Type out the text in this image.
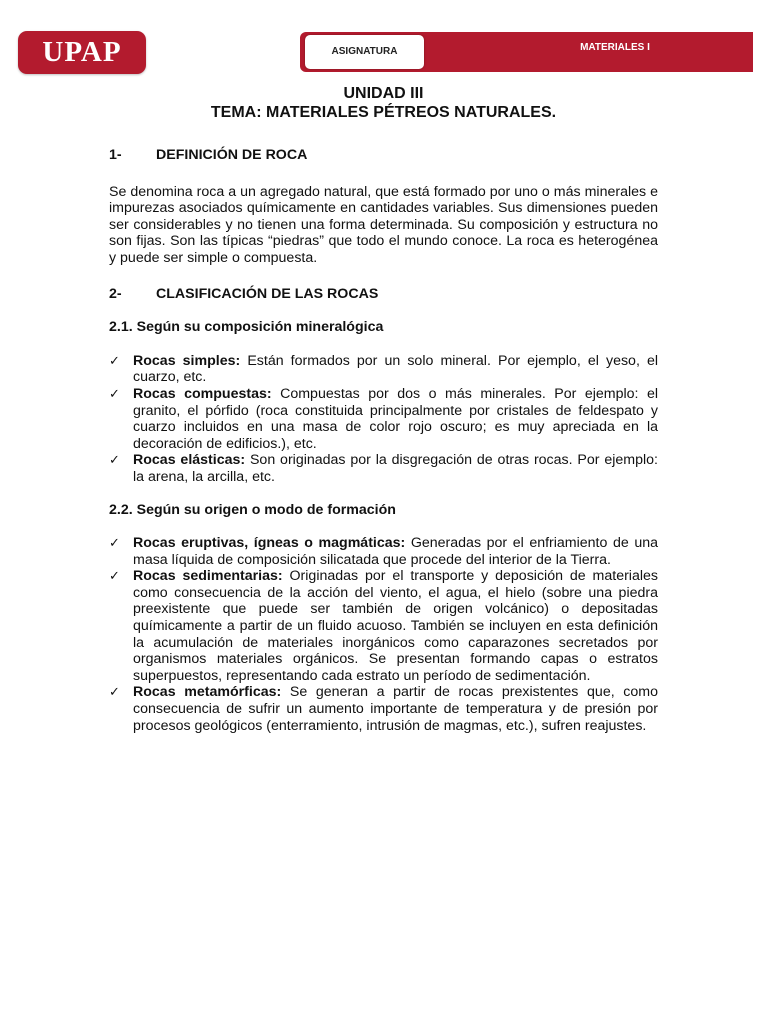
UPAP	ASIGNATURA	MATERIALES I
UNIDAD III
TEMA: MATERIALES PÉTREOS NATURALES.
1- DEFINICIÓN DE ROCA

Se denomina roca a un agregado natural, que está formado por uno o más minerales e impurezas asociados químicamente en cantidades variables. Sus dimensiones pueden ser considerables y no tienen una forma determinada. Su composición y estructura no son fijas. Son las típicas “piedras” que todo el mundo conoce. La roca es heterogénea y puede ser simple o compuesta.

2- CLASIFICACIÓN DE LAS ROCAS
2.1. Según su composición mineralógica
✓ Rocas simples: Están formados por un solo mineral. Por ejemplo, el yeso, el cuarzo, etc.
✓ Rocas compuestas: Compuestas por dos o más minerales. Por ejemplo: el granito, el pórfido (roca constituida principalmente por cristales de feldespato y cuarzo incluidos en una masa de color rojo oscuro; es muy apreciada en la decoración de edificios.), etc.
✓ Rocas elásticas: Son originadas por la disgregación de otras rocas. Por ejemplo: la arena, la arcilla, etc.
2.2. Según su origen o modo de formación
✓ Rocas eruptivas, ígneas o magmáticas: Generadas por el enfriamiento de una masa líquida de composición silicatada que procede del interior de la Tierra.
✓ Rocas sedimentarias: Originadas por el transporte y deposición de materiales como consecuencia de la acción del viento, el agua, el hielo (sobre una piedra preexistente que puede ser también de origen volcánico) o depositadas químicamente a partir de un fluido acuoso. También se incluyen en esta definición la acumulación de materiales inorgánicos como caparazones secretados por organismos materiales orgánicos. Se presentan formando capas o estratos superpuestos, representando cada estrato un período de sedimentación.
✓ Rocas metamórficas: Se generan a partir de rocas prexistentes que, como consecuencia de sufrir un aumento importante de temperatura y de presión por procesos geológicos (enterramiento, intrusión de magmas, etc.), sufren reajustes.
